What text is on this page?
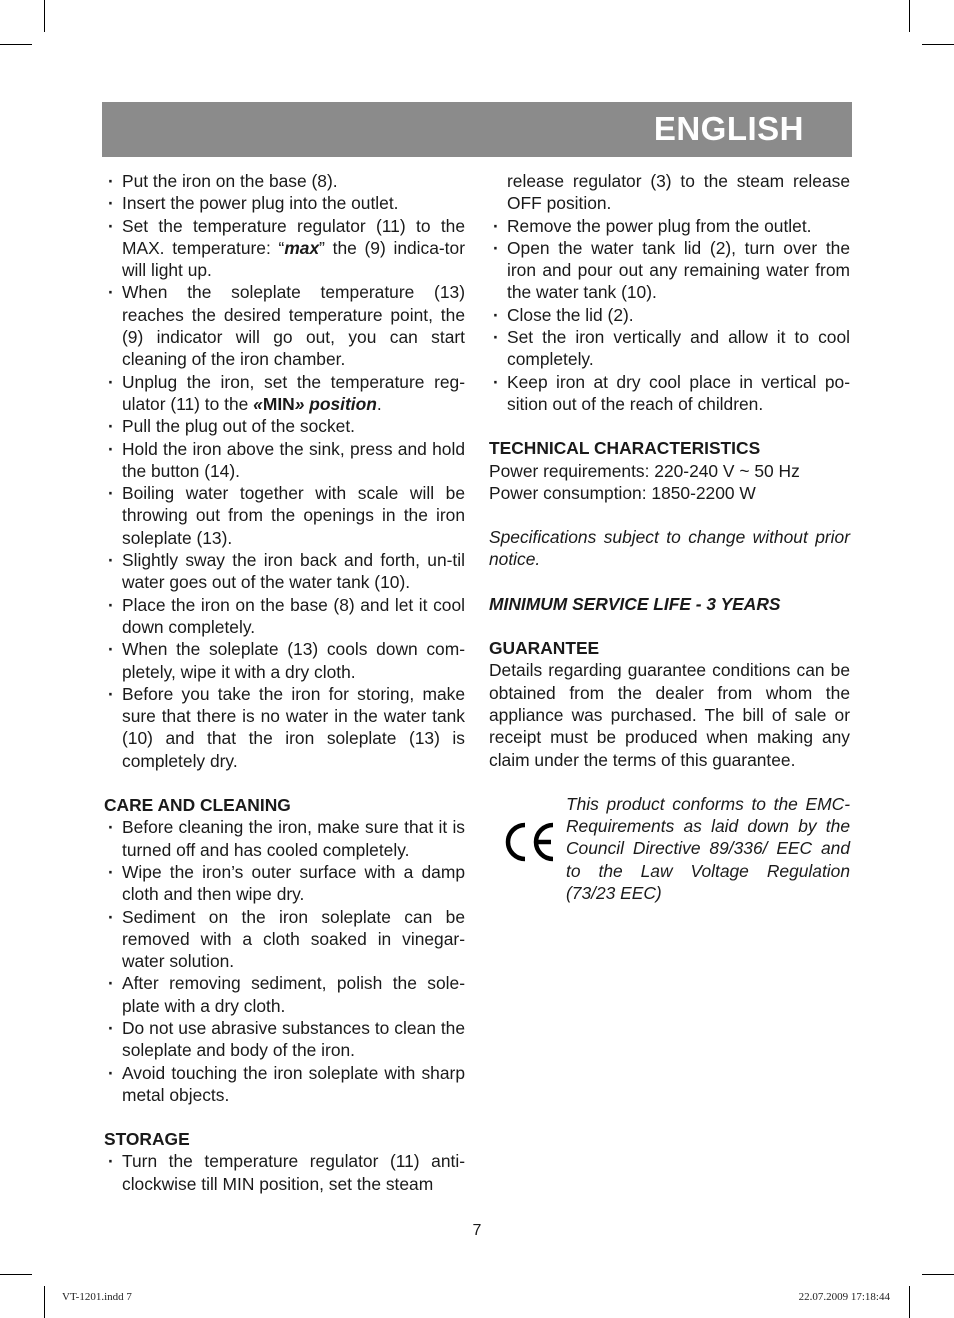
ENGLISH
· Put the iron on the base (8).
· Insert the power plug into the outlet.
· Set the temperature regulator (11) to the MAX. temperature: “max” the (9) indica-tor will light up.
· When the soleplate temperature (13) reaches the desired temperature point, the (9) indicator will go out, you can start cleaning of the iron chamber.
· Unplug the iron, set the temperature reg-ulator (11) to the «MIN» position.
· Pull the plug out of the socket.
· Hold the iron above the sink, press and hold the button (14).
· Boiling water together with scale will be throwing out from the openings in the iron soleplate (13).
· Slightly sway the iron back and forth, un-til water goes out of the water tank (10).
· Place the iron on the base (8) and let it cool down completely.
· When the soleplate (13) cools down com-pletely, wipe it with a dry cloth.
· Before you take the iron for storing, make sure that there is no water in the water tank (10) and that the iron soleplate (13) is completely dry.
CARE AND CLEANING
· Before cleaning the iron, make sure that it is turned off and has cooled completely.
· Wipe the iron’s outer surface with a damp cloth and then wipe dry.
· Sediment on the iron soleplate can be removed with a cloth soaked in vinegar-water solution.
· After removing sediment, polish the sole-plate with a dry cloth.
· Do not use abrasive substances to clean the soleplate and body of the iron.
· Avoid touching the iron soleplate with sharp metal objects.
STORAGE
· Turn the temperature regulator (11) anti-clockwise till MIN position, set the steam
release regulator (3) to the steam release OFF position.
· Remove the power plug from the outlet.
· Open the water tank lid (2), turn over the iron and pour out any remaining water from the water tank (10).
· Close the lid (2).
· Set the iron vertically and allow it to cool completely.
· Keep iron at dry cool place in vertical po-sition out of the reach of children.
TECHNICAL CHARACTERISTICS

Power requirements: 220-240 V ~ 50 Hz

Power consumption: 1850-2200 W

Specifications subject to change without prior notice.

MINIMUM SERVICE LIFE - 3 YEARS

GUARANTEE

Details regarding guarantee conditions can be obtained from the dealer from whom the appliance was purchased. The bill of sale or receipt must be produced when making any claim under the terms of this guarantee.

This product conforms to the EMC-Requirements as laid down by the Council Directive 89/336/ EEC and to the Law Voltage Regulation (73/23 EEC)
7
VT-1201.indd 7	22.07.2009 17:18:44
